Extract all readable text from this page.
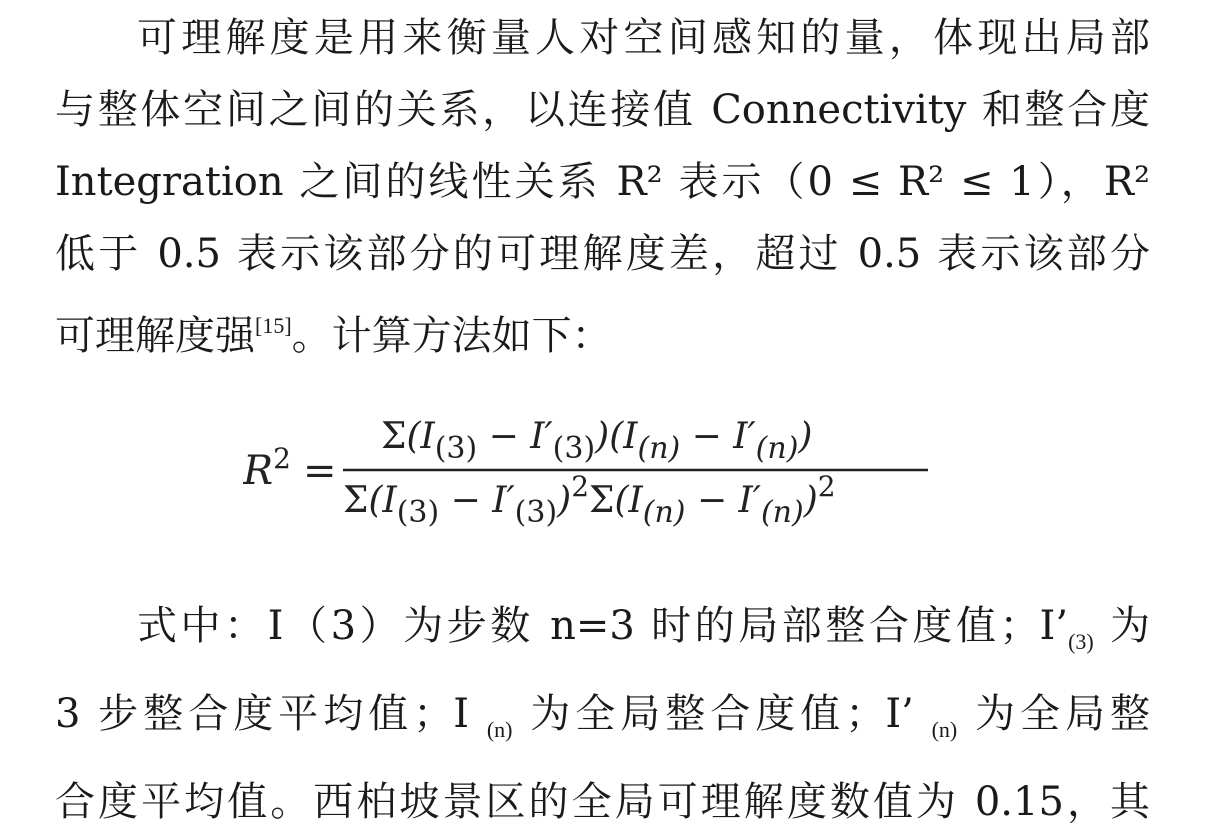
可理解度是用来衡量人对空间感知的量，体现出局部
与整体空间之间的关系，以连接值 Connectivity 和整合度
Integration 之间的线性关系 R² 表示（0 ≤ R² ≤ 1），R²
低于 0.5 表示该部分的可理解度差，超过 0.5 表示该部分
可理解度强[15]。计算方法如下：

$R^2$ =
$\Sigma(I_{(3)} - I'_{(3)})(I_{(n)} - I'_{(n)})$
$\Sigma(I_{(3)} - I'_{(3)})^2\Sigma(I_{(n)} - I'_{(n)})^2$

式中：I（3）为步数 n=3 时的局部整合度值；$I’_{(3)}$ 为
3 步整合度平均值；I $_{(n)}$ 为全局整合度值；I’ $_{(n)}$ 为全局整
合度平均值。西柏坡景区的全局可理解度数值为 0.15，其
